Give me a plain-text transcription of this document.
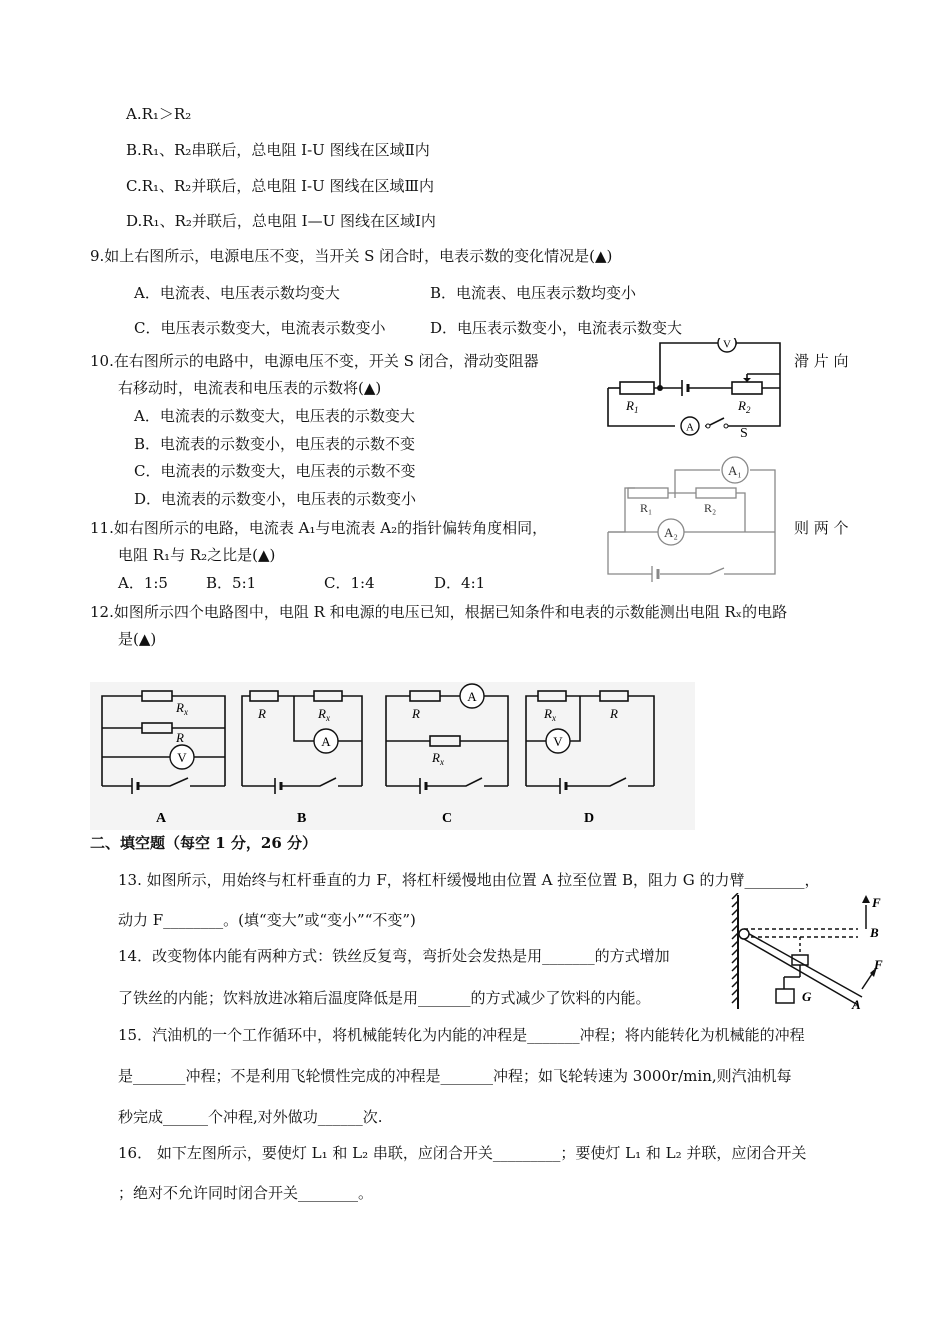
A.R₁＞R₂
B.R₁、R₂串联后，总电阻 I-U 图线在区域Ⅱ内
C.R₁、R₂并联后，总电阻 I-U 图线在区域Ⅲ内
D.R₁、R₂并联后，总电阻 I—U 图线在区域Ⅰ内
9.如上右图所示，电源电压不变，当开关 S 闭合时，电表示数的变化情况是(▲)
A．电流表、电压表示数均变大	B．电流表、电压表示数均变小
C．电压表示数变大，电流表示数变小	D．电压表示数变小，电流表示数变大
10.在右图所示的电路中，电源电压不变，开关 S 闭合，滑动变阻器	滑 片 向
右移动时，电流表和电压表的示数将(▲)
A．电流表的示数变大，电压表的示数变大
B．电流表的示数变小，电压表的示数不变
C．电流表的示数变大，电压表的示数不变
D．电流表的示数变小，电压表的示数变小
V
A
$R_1$	$R_2$
S
11.如右图所示的电路，电流表 A₁与电流表 A₂的指针偏转角度相同，	则 两 个
电阻 R₁与 R₂之比是(▲)
A．1:5	B．5:1	C．1:4	D．4:1
A₁
A₂
R₁	R₂
12.如图所示四个电路图中，电阻 R 和电源的电压已知，根据已知条件和电表的示数能测出电阻 Rₓ的电路
是(▲)
V
A
A
V
$R_x$
R
R	$R_x$	R
$R_x$
$R_x$	R
A	B	C	D
二、填空题（每空 1 分，26 分）
13. 如图所示，用始终与杠杆垂直的力 F，将杠杆缓慢地由位置 A 拉至位置 B，阻力 G 的力臂________，
动力 F________。(填“变大”或“变小”“不变”)
F
B
F
A
G
14．改变物体内能有两种方式：铁丝反复弯，弯折处会发热是用_______的方式增加
了铁丝的内能；饮料放进冰箱后温度降低是用_______的方式减少了饮料的内能。
15．汽油机的一个工作循环中，将机械能转化为内能的冲程是_______冲程；将内能转化为机械能的冲程
是_______冲程；不是利用飞轮惯性完成的冲程是_______冲程；如飞轮转速为 3000r/min,则汽油机每
秒完成______个冲程,对外做功______次.
16． 如下左图所示，要使灯 L₁ 和 L₂ 串联，应闭合开关_________；要使灯 L₁ 和 L₂ 并联，应闭合开关
；绝对不允许同时闭合开关________。
